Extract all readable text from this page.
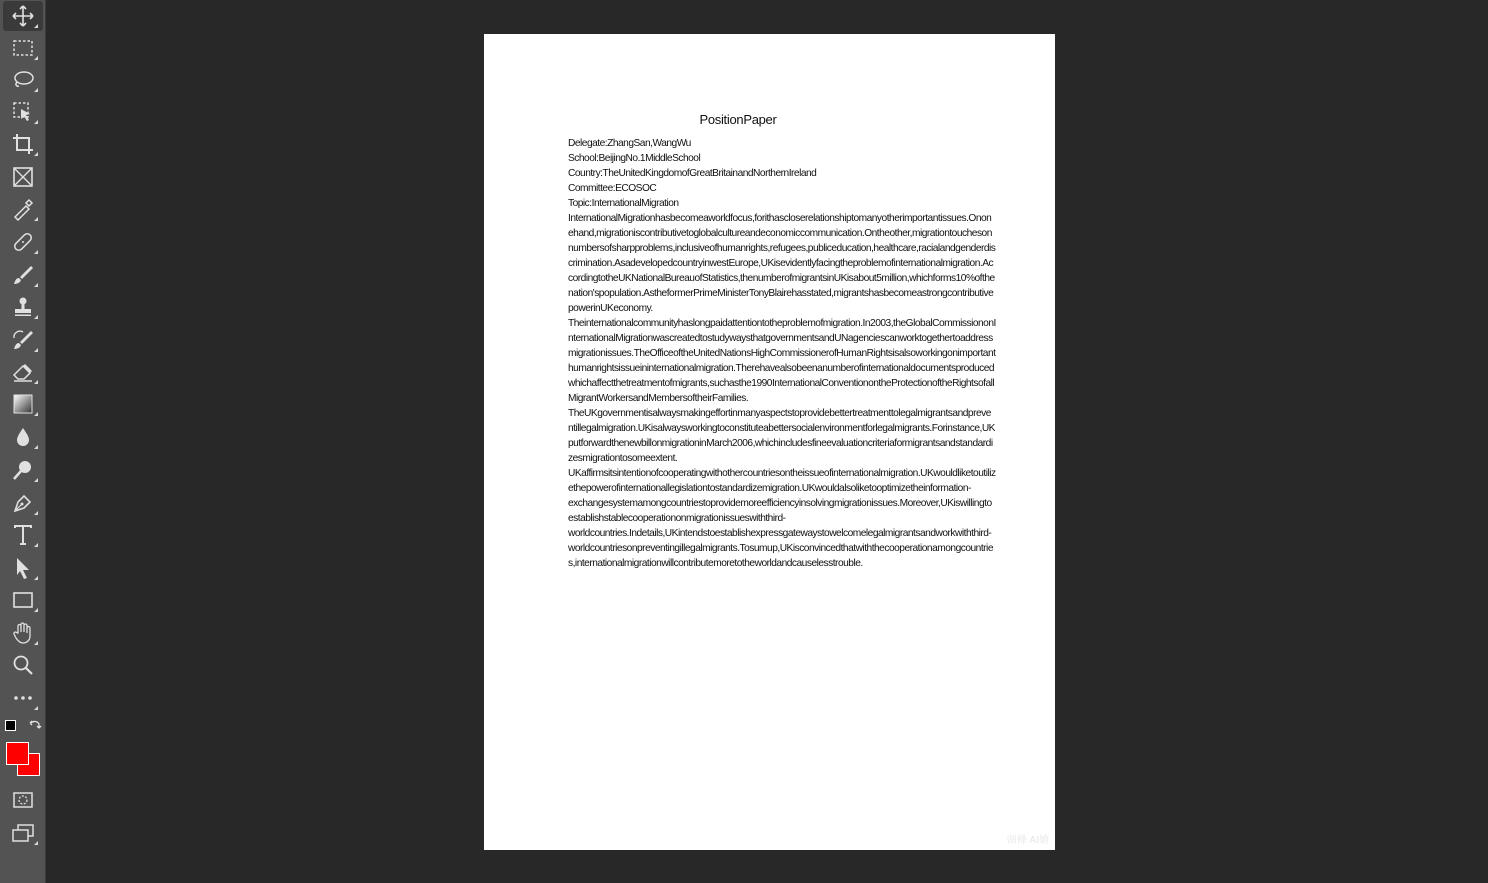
PositionPaper
Delegate:ZhangSan,WangWu
School:BeijingNo.1MiddleSchool
Country:TheUnitedKingdomofGreatBritainandNorthernIreland
Committee:ECOSOC
Topic:InternationalMigration

InternationalMigrationhasbecomeaworldfocus,forithascloserelationshiptomanyotherimportantissues.Ononehand,migrationiscontributivetoglobalcultureandeconomiccommunication.Ontheother,migrationtouchesonnumbersofsharpproblems,inclusiveofhumanrights,refugees,publiceducation,healthcare,racialandgenderdiscrimination.AsadevelopedcountryinwestEurope,UKisevidentlyfacingtheproblemofinternationalmigration.AccordingtotheUKNationalBureauofStatistics,thenumberofmigrantsinUKisabout5million,whichforms10%ofthenation'spopulation.AstheformerPrimeMinisterTonyBlairehasstated,migrantshasbecomeastrongcontributivepowerinUKeconomy.

Theinternationalcommunityhaslongpaidattentiontotheproblemofmigration.In2003,theGlobalCommissiononInternationalMigrationwascreatedtostudywaysthatgovernmentsandUNagenciescanworktogethertoaddressmigrationissues.TheOfficeoftheUnitedNationsHighCommissionerofHumanRightsisalsoworkingonimportanthumanrightsissueininternationalmigration.Therehavealsobeenanumberofinternationaldocumentsproducedwhichaffectthetreatmentofmigrants,suchasthe1990InternationalConventionontheProtectionoftheRightsofallMigrantWorkersandMembersoftheirFamilies.

TheUKgovernmentisalwaysmakingeffortinmanyaspectstoprovidebettertreatmenttolegalmigrantsandpreventillegalmigration.UKisalwaysworkingtoconstituteabettersocialenvironmentforlegalmigrants.Forinstance,UKputforwardthenewbillonmigrationinMarch2006,whichincludesfineevaluationcriteriaformigrantsandstandardizesmigrationtosomeextent.

UKaffirmsitsintentionofcooperatingwithothercountriesontheissueofinternationalmigration.UKwouldliketoutilizethepowerofinternationallegislationtostandardizemigration.UKwouldalsoliketooptimizetheinformation-

exchangesystemamongcountriestoprovidemoreefficiencyinsolvingmigrationissues.Moreover,UKiswillingtoestablishstablecooperationonmigrationissueswiththird-

worldcountries.Indetails,UKintendstoestablishexpressgatewaystowelcomelegalmigrantsandworkwiththird-

worldcountriesonpreventingillegalmigrants.Tosumup,UKisconvincedthatwiththecooperationamongcountries,internationalmigrationwillcontributemoretotheworldandcauselesstrouble.

頭條 AI繪
